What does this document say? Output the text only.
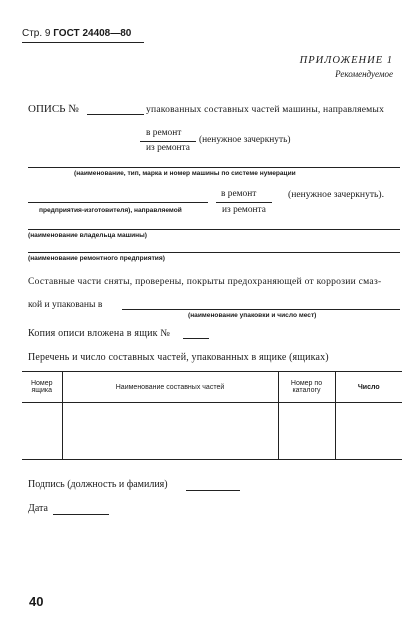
Стр. 9 ГОСТ 24408—80
ПРИЛОЖЕНИЕ 1
Рекомендуемое
ОПИСЬ №	упакованных составных частей машины, направляемых
в ремонт
из ремонта
(ненужное зачеркнуть)
(наименование, тип, марка и номер машины по системе нумерации
в ремонт
из ремонта
(ненужное зачеркнуть).
предприятия-изготовителя), направляемой
(наименование владельца машины)
(наименование ремонтного предприятия)
Составные части сняты, проверены, покрыты предохраняющей от коррозии смаз-
кой и упакованы в
(наименование упаковки и число мест)
Копия описи вложена в ящик №
Перечень и число составных частей, упакованных в ящике (ящиках)
Номер ящика	Наименование составных частей	Номер по каталогу	Число

Подпись (должность и фамилия)
Дата
40
